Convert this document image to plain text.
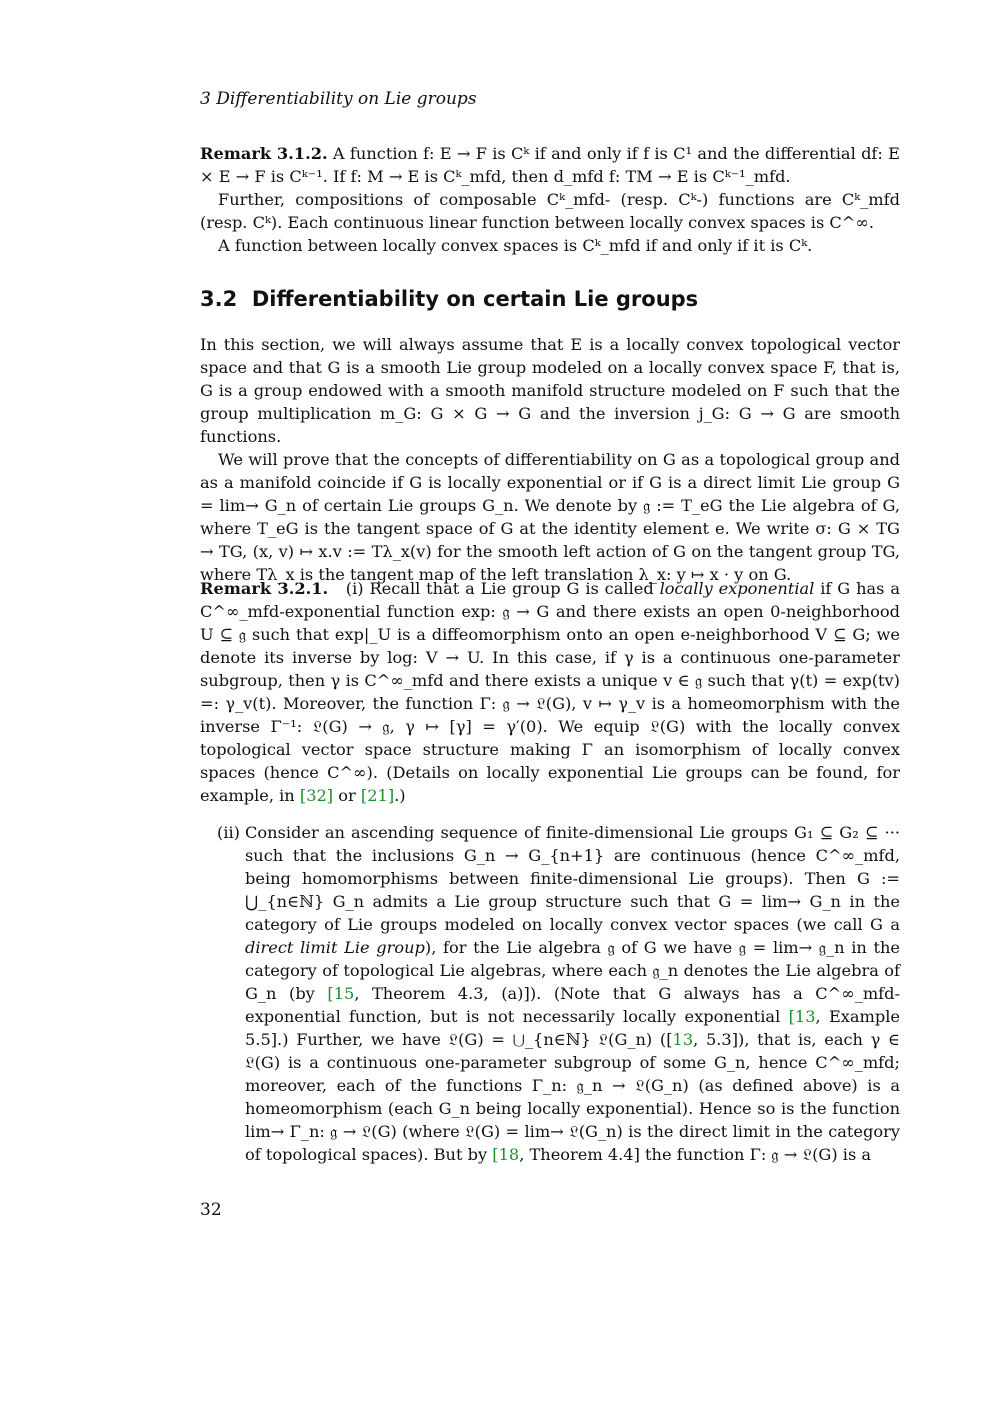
3 Differentiability on Lie groups

Remark 3.1.2. A function f: E → F is Cᵏ if and only if f is C¹ and the differential df: E × E → F is Cᵏ⁻¹. If f: M → E is Cᵏ_mfd, then d_mfd f: TM → E is Cᵏ⁻¹_mfd.

Further, compositions of composable Cᵏ_mfd- (resp. Cᵏ-) functions are Cᵏ_mfd (resp. Cᵏ). Each continuous linear function between locally convex spaces is C^∞.

A function between locally convex spaces is Cᵏ_mfd if and only if it is Cᵏ.

3.2 Differentiability on certain Lie groups

In this section, we will always assume that E is a locally convex topological vector space and that G is a smooth Lie group modeled on a locally convex space F, that is, G is a group endowed with a smooth manifold structure modeled on F such that the group multiplication m_G: G × G → G and the inversion j_G: G → G are smooth functions.

We will prove that the concepts of differentiability on G as a topological group and as a manifold coincide if G is locally exponential or if G is a direct limit Lie group G = lim→ G_n of certain Lie groups G_n. We denote by 𝔤 := T_eG the Lie algebra of G, where T_eG is the tangent space of G at the identity element e. We write σ: G × TG → TG, (x, v) ↦ x.v := Tλ_x(v) for the smooth left action of G on the tangent group TG, where Tλ_x is the tangent map of the left translation λ_x: y ↦ x · y on G.

Remark 3.2.1. (i) Recall that a Lie group G is called locally exponential if G has a C^∞_mfd-exponential function exp: 𝔤 → G and there exists an open 0-neighborhood U ⊆ 𝔤 such that exp|_U is a diffeomorphism onto an open e-neighborhood V ⊆ G; we denote its inverse by log: V → U. In this case, if γ is a continuous one-parameter subgroup, then γ is C^∞_mfd and there exists a unique v ∈ 𝔤 such that γ(t) = exp(tv) =: γ_v(t). Moreover, the function Γ: 𝔤 → 𝔏(G), v ↦ γ_v is a homeomorphism with the inverse Γ⁻¹: 𝔏(G) → 𝔤, γ ↦ [γ] = γ′(0). We equip 𝔏(G) with the locally convex topological vector space structure making Γ an isomorphism of locally convex spaces (hence C^∞). (Details on locally exponential Lie groups can be found, for example, in [32] or [21].)
(ii) Consider an ascending sequence of finite-dimensional Lie groups G₁ ⊆ G₂ ⊆ ··· such that the inclusions G_n → G_{n+1} are continuous (hence C^∞_mfd, being homomorphisms between finite-dimensional Lie groups). Then G := ⋃_{n∈ℕ} G_n admits a Lie group structure such that G = lim→ G_n in the category of Lie groups modeled on locally convex vector spaces (we call G a direct limit Lie group), for the Lie algebra 𝔤 of G we have 𝔤 = lim→ 𝔤_n in the category of topological Lie algebras, where each 𝔤_n denotes the Lie algebra of G_n (by [15, Theorem 4.3, (a)]). (Note that G always has a C^∞_mfd-exponential function, but is not necessarily locally exponential [13, Example 5.5].) Further, we have 𝔏(G) = ⋃_{n∈ℕ} 𝔏(G_n) ([13, 5.3]), that is, each γ ∈ 𝔏(G) is a continuous one-parameter subgroup of some G_n, hence C^∞_mfd; moreover, each of the functions Γ_n: 𝔤_n → 𝔏(G_n) (as defined above) is a homeomorphism (each G_n being locally exponential). Hence so is the function lim→ Γ_n: 𝔤 → 𝔏(G) (where 𝔏(G) = lim→ 𝔏(G_n) is the direct limit in the category of topological spaces). But by [18, Theorem 4.4] the function Γ: 𝔤 → 𝔏(G) is a
32
